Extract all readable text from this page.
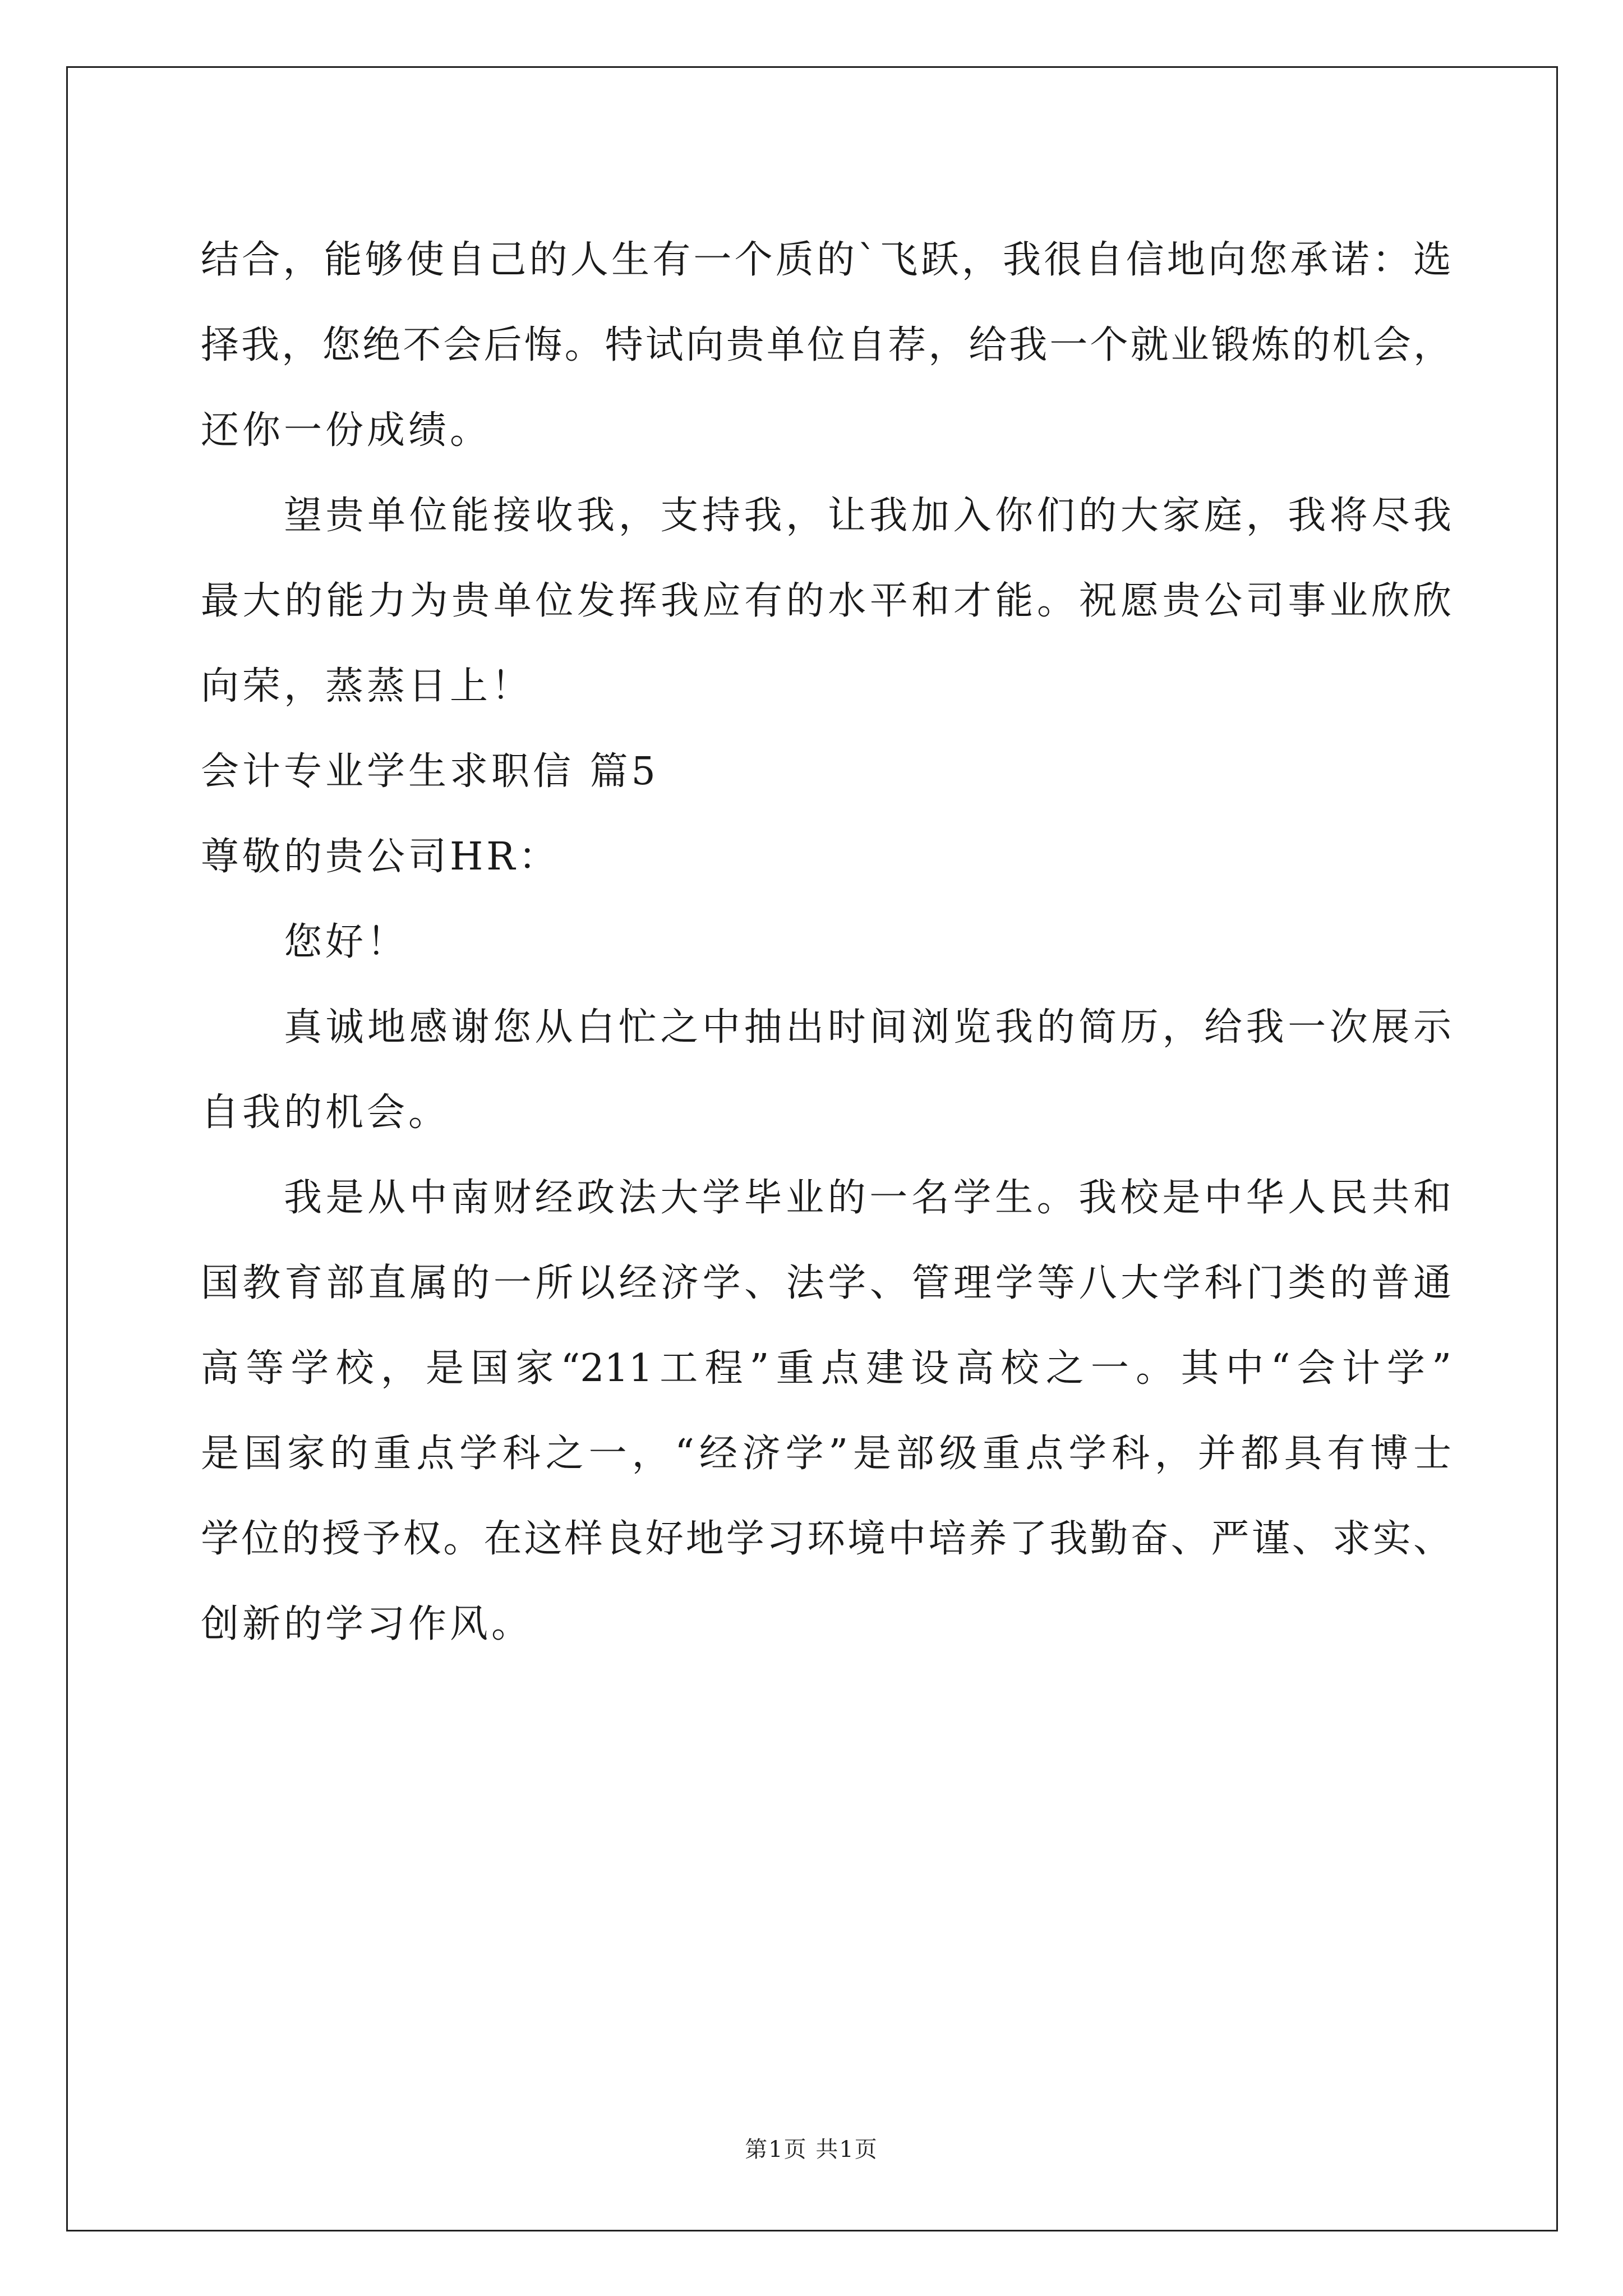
结合，能够使自己的人生有一个质的`飞跃，我很自信地向您承诺：选
择我，您绝不会后悔。特试向贵单位自荐，给我一个就业锻炼的机会，
还你一份成绩。
望贵单位能接收我，支持我，让我加入你们的大家庭，我将尽我
最大的能力为贵单位发挥我应有的水平和才能。祝愿贵公司事业欣欣
向荣，蒸蒸日上！
会计专业学生求职信 篇5
尊敬的贵公司HR：
您好！
真诚地感谢您从白忙之中抽出时间浏览我的简历，给我一次展示
自我的机会。
我是从中南财经政法大学毕业的一名学生。我校是中华人民共和
国教育部直属的一所以经济学、法学、管理学等八大学科门类的普通
高等学校，是国家“211工程”重点建设高校之一。其中“会计学”
是国家的重点学科之一，“经济学”是部级重点学科，并都具有博士
学位的授予权。在这样良好地学习环境中培养了我勤奋、严谨、求实、
创新的学习作风。
第1页 共1页
